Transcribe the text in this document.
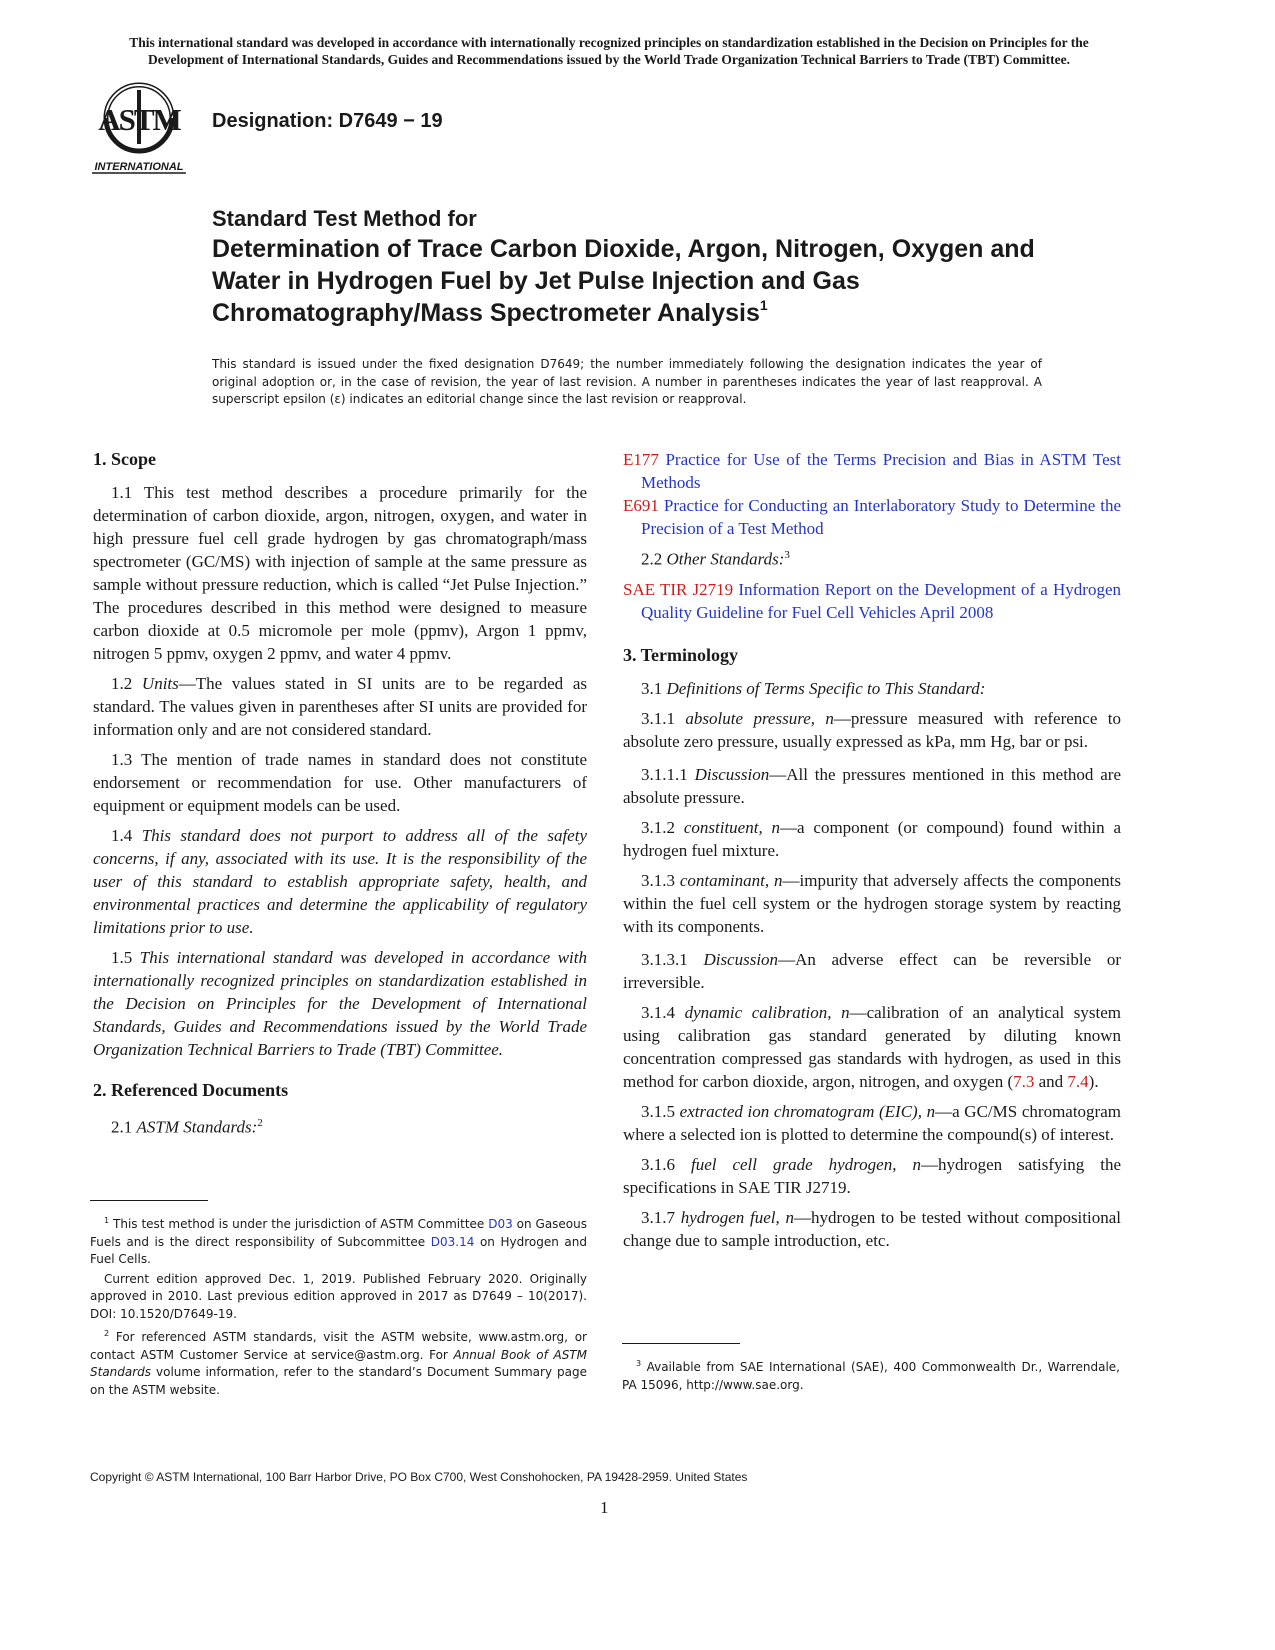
This international standard was developed in accordance with internationally recognized principles on standardization established in the Decision on Principles for the Development of International Standards, Guides and Recommendations issued by the World Trade Organization Technical Barriers to Trade (TBT) Committee.
ASTM
INTERNATIONAL
Designation: D7649 − 19
Standard Test Method for
Determination of Trace Carbon Dioxide, Argon, Nitrogen, Oxygen and Water in Hydrogen Fuel by Jet Pulse Injection and Gas Chromatography/Mass Spectrometer Analysis$^1$
This standard is issued under the fixed designation D7649; the number immediately following the designation indicates the year of original adoption or, in the case of revision, the year of last revision. A number in parentheses indicates the year of last reapproval. A superscript epsilon (ε) indicates an editorial change since the last revision or reapproval.
1. Scope

1.1 This test method describes a procedure primarily for the determination of carbon dioxide, argon, nitrogen, oxygen, and water in high pressure fuel cell grade hydrogen by gas chromatograph/mass spectrometer (GC/MS) with injection of sample at the same pressure as sample without pressure reduction, which is called “Jet Pulse Injection.” The procedures described in this method were designed to measure carbon dioxide at 0.5 micromole per mole (ppmv), Argon 1 ppmv, nitrogen 5 ppmv, oxygen 2 ppmv, and water 4 ppmv.

1.2 Units—The values stated in SI units are to be regarded as standard. The values given in parentheses after SI units are provided for information only and are not considered standard.

1.3 The mention of trade names in standard does not constitute endorsement or recommendation for use. Other manufacturers of equipment or equipment models can be used.

1.4 This standard does not purport to address all of the safety concerns, if any, associated with its use. It is the responsibility of the user of this standard to establish appropriate safety, health, and environmental practices and determine the applicability of regulatory limitations prior to use.

1.5 This international standard was developed in accordance with internationally recognized principles on standardization established in the Decision on Principles for the Development of International Standards, Guides and Recommendations issued by the World Trade Organization Technical Barriers to Trade (TBT) Committee.

2. Referenced Documents

2.1 ASTM Standards:$^2$

$^1$ This test method is under the jurisdiction of ASTM Committee D03 on Gaseous Fuels and is the direct responsibility of Subcommittee D03.14 on Hydrogen and Fuel Cells.

Current edition approved Dec. 1, 2019. Published February 2020. Originally approved in 2010. Last previous edition approved in 2017 as D7649 – 10(2017). DOI: 10.1520/D7649-19.

$^2$ For referenced ASTM standards, visit the ASTM website, www.astm.org, or contact ASTM Customer Service at service@astm.org. For Annual Book of ASTM Standards volume information, refer to the standard’s Document Summary page on the ASTM website.

E177 Practice for Use of the Terms Precision and Bias in ASTM Test Methods
E691 Practice for Conducting an Interlaboratory Study to Determine the Precision of a Test Method

2.2 Other Standards:$^3$

SAE TIR J2719 Information Report on the Development of a Hydrogen Quality Guideline for Fuel Cell Vehicles April 2008
3. Terminology

3.1 Definitions of Terms Specific to This Standard:

3.1.1 absolute pressure, n—pressure measured with reference to absolute zero pressure, usually expressed as kPa, mm Hg, bar or psi.

3.1.1.1 Discussion—All the pressures mentioned in this method are absolute pressure.

3.1.2 constituent, n—a component (or compound) found within a hydrogen fuel mixture.

3.1.3 contaminant, n—impurity that adversely affects the components within the fuel cell system or the hydrogen storage system by reacting with its components.

3.1.3.1 Discussion—An adverse effect can be reversible or irreversible.

3.1.4 dynamic calibration, n—calibration of an analytical system using calibration gas standard generated by diluting known concentration compressed gas standards with hydrogen, as used in this method for carbon dioxide, argon, nitrogen, and oxygen (7.3 and 7.4).

3.1.5 extracted ion chromatogram (EIC), n—a GC/MS chromatogram where a selected ion is plotted to determine the compound(s) of interest.

3.1.6 fuel cell grade hydrogen, n—hydrogen satisfying the specifications in SAE TIR J2719.

3.1.7 hydrogen fuel, n—hydrogen to be tested without compositional change due to sample introduction, etc.

$^3$ Available from SAE International (SAE), 400 Commonwealth Dr., Warrendale, PA 15096, http://www.sae.org.

Copyright © ASTM International, 100 Barr Harbor Drive, PO Box C700, West Conshohocken, PA 19428-2959. United States
1
